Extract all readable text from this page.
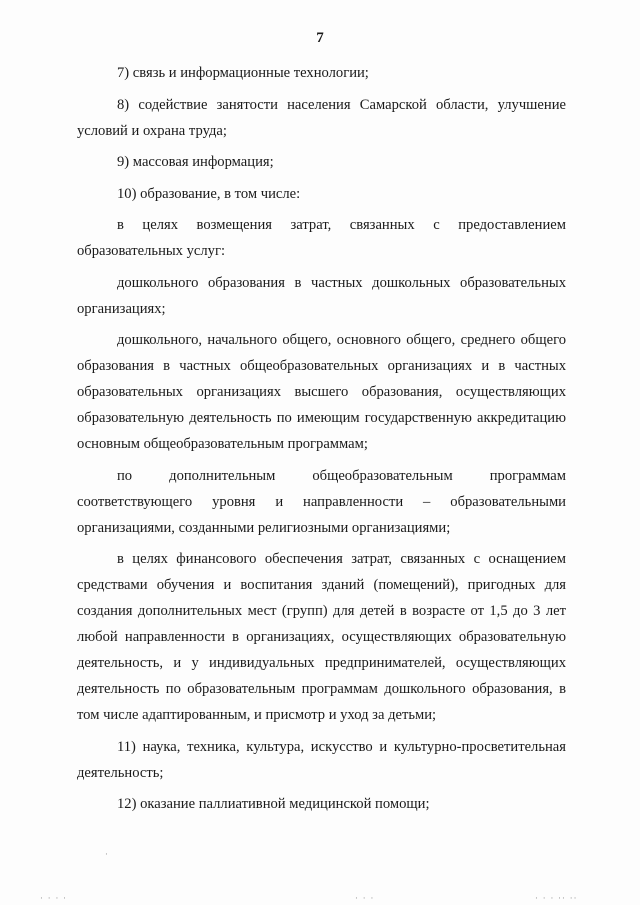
7

7) связь и информационные технологии;

8) содействие занятости населения Самарской области, улучшение условий и охрана труда;

9) массовая информация;

10) образование, в том числе:

в целях возмещения затрат, связанных с предоставлением образовательных услуг:

дошкольного образования в частных дошкольных образовательных организациях;

дошкольного, начального общего, основного общего, среднего общего образования в частных общеобразовательных организациях и в частных образовательных организациях высшего образования, осуществляющих образовательную деятельность по имеющим государственную аккредитацию основным общеобразовательным программам;

по дополнительным общеобразовательным программам соответствующего уровня и направленности – образовательными организациями, созданными религиозными организациями;

в целях финансового обеспечения затрат, связанных с оснащением средствами обучения и воспитания зданий (помещений), пригодных для создания дополнительных мест (групп) для детей в возрасте от 1,5 до 3 лет любой направленности в организациях, осуществляющих образовательную деятельность, и у индивидуальных предпринимателей, осуществляющих деятельность по образовательным программам дошкольного образования, в том числе адаптированным, и присмотр и уход за детьми;

11) наука, техника, культура, искусство и культурно-просветительная деятельность;

12) оказание паллиативной медицинской помощи;

· · · ·	· · ·	· · · ·· ··
·
